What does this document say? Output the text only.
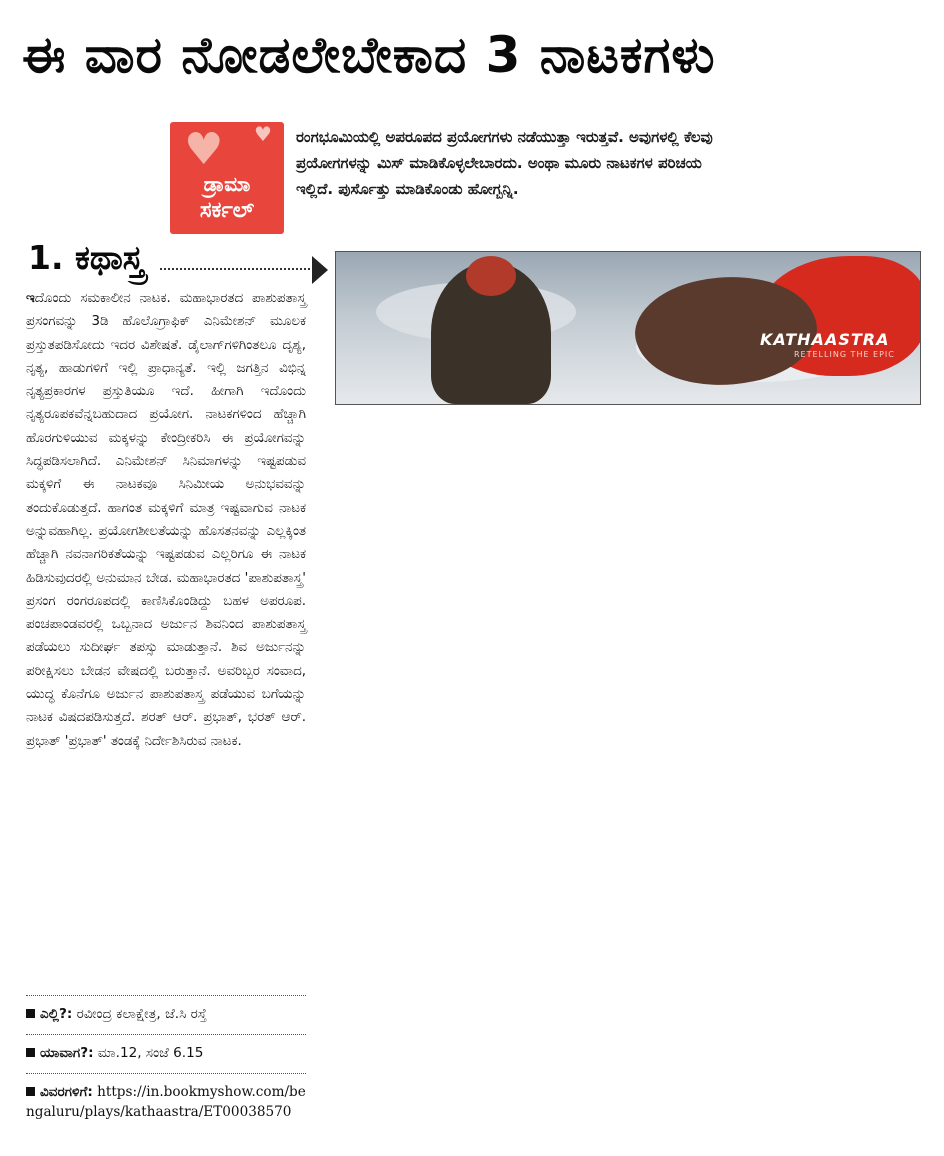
ಈ ವಾರ ನೋಡಲೇಬೇಕಾದ 3 ನಾಟಕಗಳು
♥ ♥
ಡ್ರಾಮಾ
ಸರ್ಕಲ್
ರಂಗಭೂಮಿಯಲ್ಲಿ ಅಪರೂಪದ ಪ್ರಯೋಗಗಳು ನಡೆಯುತ್ತಾ ಇರುತ್ತವೆ. ಅವುಗಳಲ್ಲಿ ಕೆಲವು ಪ್ರಯೋಗಗಳನ್ನು ಮಿಸ್ ಮಾಡಿಕೊಳ್ಳಲೇಬಾರದು. ಅಂಥಾ ಮೂರು ನಾಟಕಗಳ ಪರಿಚಯ ಇಲ್ಲಿದೆ. ಪುರ್ಸೊತ್ತು ಮಾಡಿಕೊಂಡು ಹೋಗ್ಬನ್ನಿ.
1. ಕಥಾಸ್ತ್ರ
KATHAASTRA
RETELLING THE EPIC
ಇದೊಂದು ಸಮಕಾಲೀನ ನಾಟಕ. ಮಹಾಭಾರತದ ಪಾಶುಪತಾಸ್ತ್ರ ಪ್ರಸಂಗವನ್ನು 3ಡಿ ಹೊಲೊಗ್ರಾಫಿಕ್ ಎನಿಮೇಶನ್ ಮೂಲಕ ಪ್ರಸ್ತುತಪಡಿಸೋದು ಇದರ ವಿಶೇಷತೆ. ಡೈಲಾಗ್‌ಗಳಿಗಿಂತಲೂ ದೃಶ್ಯ, ನೃತ್ಯ, ಹಾಡುಗಳಿಗೆ ಇಲ್ಲಿ ಪ್ರಾಧಾನ್ಯತೆ. ಇಲ್ಲಿ ಜಗತ್ತಿನ ವಿಭಿನ್ನ ನೃತ್ಯಪ್ರಕಾರಗಳ ಪ್ರಸ್ತುತಿಯೂ ಇದೆ. ಹೀಗಾಗಿ ಇದೊಂದು ನೃತ್ಯರೂಪಕವೆನ್ನಬಹುದಾದ ಪ್ರಯೋಗ. ನಾಟಕಗಳಿಂದ ಹೆಚ್ಚಾಗಿ ಹೊರಗುಳಿಯುವ ಮಕ್ಕಳನ್ನು ಕೇಂದ್ರೀಕರಿಸಿ ಈ ಪ್ರಯೋಗವನ್ನು ಸಿದ್ಧಪಡಿಸಲಾಗಿದೆ. ಎನಿಮೇಶನ್ ಸಿನಿಮಾಗಳನ್ನು ಇಷ್ಟಪಡುವ ಮಕ್ಕಳಿಗೆ ಈ ನಾಟಕವೂ ಸಿನಿಮೀಯ ಅನುಭವವನ್ನು ತಂದುಕೊಡುತ್ತದೆ. ಹಾಗಂತ ಮಕ್ಕಳಿಗೆ ಮಾತ್ರ ಇಷ್ಟವಾಗುವ ನಾಟಕ ಅನ್ನುವಹಾಗಿಲ್ಲ. ಪ್ರಯೋಗಶೀಲತೆಯನ್ನು ಹೊಸತನವನ್ನು ಎಲ್ಲಕ್ಕಿಂತ ಹೆಚ್ಚಾಗಿ ನವನಾಗರಿಕತೆಯನ್ನು ಇಷ್ಟಪಡುವ ಎಲ್ಲರಿಗೂ ಈ ನಾಟಕ ಹಿಡಿಸುವುದರಲ್ಲಿ ಅನುಮಾನ ಬೇಡ. ಮಹಾಭಾರತದ 'ಪಾಶುಪತಾಸ್ತ್ರ' ಪ್ರಸಂಗ ರಂಗರೂಪದಲ್ಲಿ ಕಾಣಿಸಿಕೊಂಡಿದ್ದು ಬಹಳ ಅಪರೂಪ. ಪಂಚಪಾಂಡವರಲ್ಲಿ ಒಬ್ಬನಾದ ಅರ್ಜುನ ಶಿವನಿಂದ ಪಾಶುಪತಾಸ್ತ್ರ ಪಡೆಯಲು ಸುದೀರ್ಘ ತಪಸ್ಸು ಮಾಡುತ್ತಾನೆ. ಶಿವ ಅರ್ಜುನನ್ನು ಪರೀಕ್ಷಿಸಲು ಬೇಡನ ವೇಷದಲ್ಲಿ ಬರುತ್ತಾನೆ. ಅವರಿಬ್ಬರ ಸಂವಾದ, ಯುದ್ಧ ಕೊನೆಗೂ ಅರ್ಜುನ ಪಾಶುಪತಾಸ್ತ್ರ ಪಡೆಯುವ ಬಗೆಯನ್ನು ನಾಟಕ ವಿಷದಪಡಿಸುತ್ತದೆ. ಶರತ್ ಆರ್. ಪ್ರಭಾತ್, ಭರತ್ ಆರ್. ಪ್ರಭಾತ್ 'ಪ್ರಭಾತ್' ತಂಡಕ್ಕೆ ನಿರ್ದೇಶಿಸಿರುವ ನಾಟಕ.
ಎಲ್ಲಿ?: ರವೀಂದ್ರ ಕಲಾಕ್ಷೇತ್ರ, ಜೆ.ಸಿ ರಸ್ತೆ
ಯಾವಾಗ?: ಮಾ.12, ಸಂಜೆ 6.15
ವಿವರಗಳಿಗೆ: https://in.bookmyshow.com/bengaluru/plays/kathaastra/ET00038570
